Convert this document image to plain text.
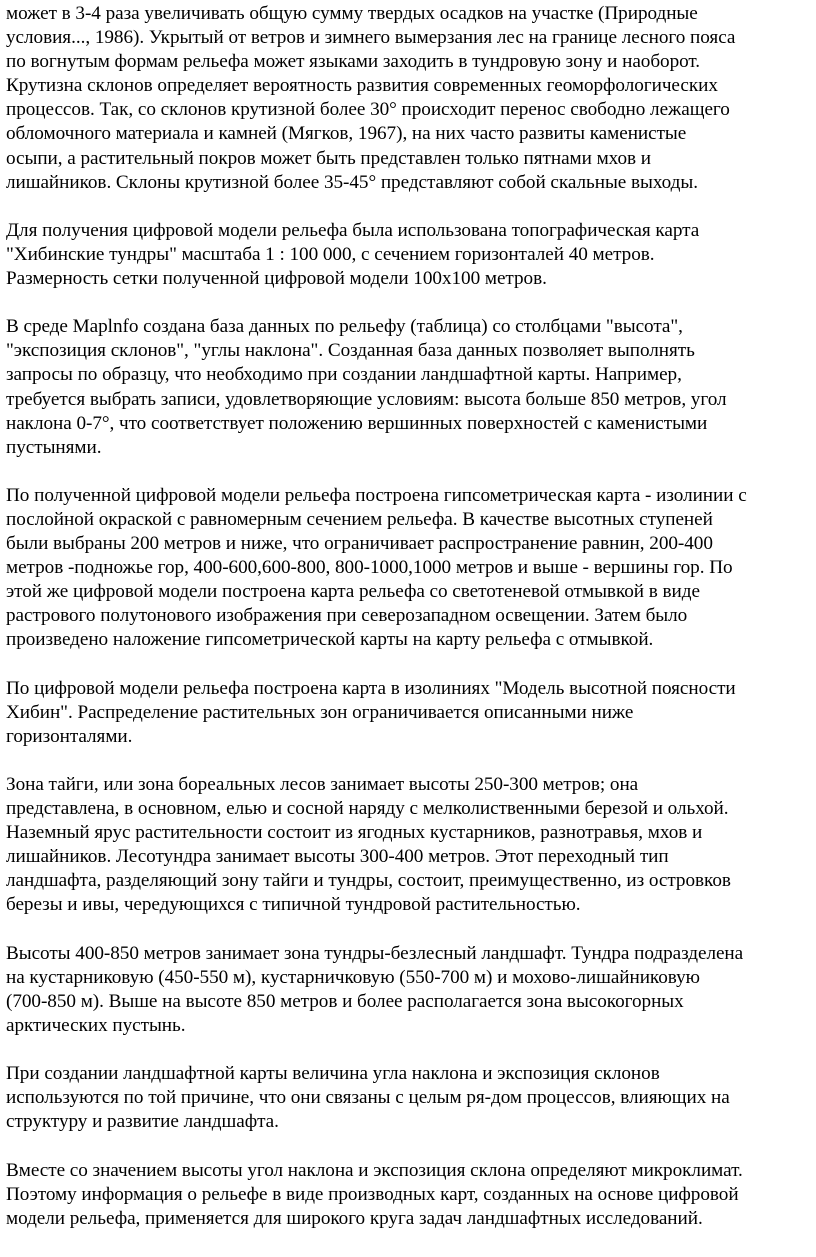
может в 3-4 раза увеличивать общую сумму твердых осадков на участке (Природные
условия..., 1986). Укрытый от ветров и зимнего вымерзания лес на границе лесного пояса
по вогнутым формам рельефа может языками заходить в тундровую зону и наоборот.
Крутизна склонов определяет вероятность развития современных геоморфологических
процессов. Так, со склонов крутизной более 30° происходит перенос свободно лежащего
обломочного материала и камней (Мягков, 1967), на них часто развиты каменистые
осыпи, а растительный покров может быть представлен только пятнами мхов и
лишайников. Склоны крутизной более 35-45° представляют собой скальные выходы.

Для получения цифровой модели рельефа была использована топографическая карта
"Хибинские тундры" масштаба 1 : 100 000, с сечением горизонталей 40 метров.
Размерность сетки полученной цифровой модели 100x100 метров.

В среде Maplnfo создана база данных по рельефу (таблица) со столбцами "высота",
"экспозиция склонов", "углы наклона". Созданная база данных позволяет выполнять
запросы по образцу, что необходимо при создании ландшафтной карты. Например,
требуется выбрать записи, удовлетворяющие условиям: высота больше 850 метров, угол
наклона 0-7°, что соответствует положению вершинных поверхностей с каменистыми
пустынями.

По полученной цифровой модели рельефа построена гипсометрическая карта - изолинии с
послойной окраской с равномерным сечением рельефа. В качестве высотных ступеней
были выбраны 200 метров и ниже, что ограничивает распространение равнин, 200-400
метров -подножье гор, 400-600,600-800, 800-1000,1000 метров и выше - вершины гор. По
этой же цифровой модели построена карта рельефа со светотеневой отмывкой в виде
растрового полутонового изображения при северозападном освещении. Затем было
произведено наложение гипсометрической карты на карту рельефа с отмывкой.

По цифровой модели рельефа построена карта в изолиниях "Модель высотной поясности
Хибин". Распределение растительных зон ограничивается описанными ниже
горизонталями.

Зона тайги, или зона бореальных лесов занимает высоты 250-300 метров; она
представлена, в основном, елью и сосной наряду с мелколиственными березой и ольхой.
Наземный ярус растительности состоит из ягодных кустарников, разнотравья, мхов и
лишайников. Лесотундра занимает высоты 300-400 метров. Этот переходный тип
ландшафта, разделяющий зону тайги и тундры, состоит, преимущественно, из островков
березы и ивы, чередующихся с типичной тундровой растительностью.

Высоты 400-850 метров занимает зона тундры-безлесный ландшафт. Тундра подразделена
на кустарниковую (450-550 м), кустарничковую (550-700 м) и мохово-лишайниковую
(700-850 м). Выше на высоте 850 метров и более располагается зона высокогорных
арктических пустынь.

При создании ландшафтной карты величина угла наклона и экспозиция склонов
используются по той причине, что они связаны с целым ря-дом процессов, влияющих на
структуру и развитие ландшафта.

Вместе со значением высоты угол наклона и экспозиция склона определяют микроклимат.
Поэтому информация о рельефе в виде производных карт, созданных на основе цифровой
модели рельефа, применяется для широкого круга задач ландшафтных исследований.
